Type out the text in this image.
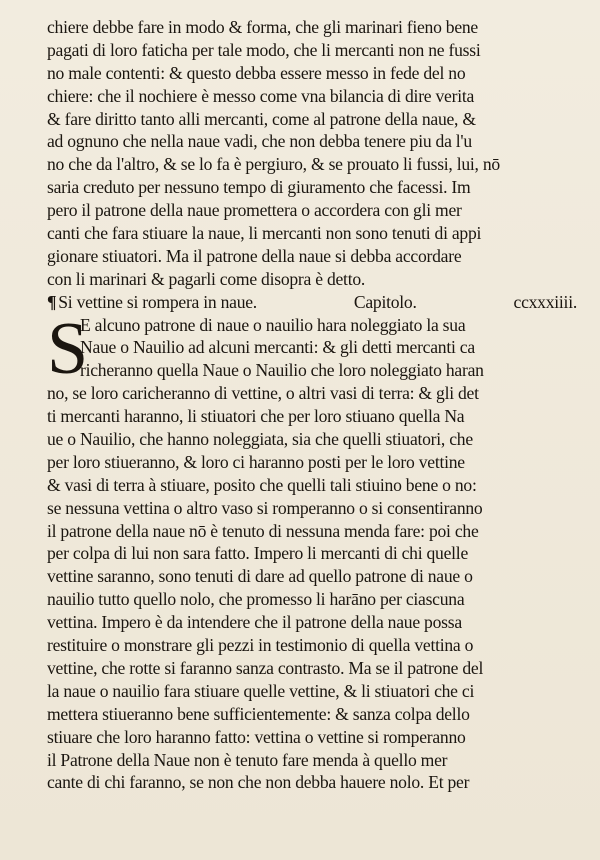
chiere debbe fare in modo & forma, che gli marinari fieno bene
pagati di loro faticha per tale modo, che li mercanti non ne fussi
no male contenti: & questo debba essere messo in fede del no
chiere: che il nochiere è messo come vna bilancia di dire verita
& fare diritto tanto alli mercanti, come al patrone della naue, &
ad ognuno che nella naue vadi, che non debba tenere piu da l'u
no che da l'altro, & se lo fa è pergiuro, & se prouato li fussi, lui, nō
saria creduto per nessuno tempo di giuramento che facessi. Im
pero il patrone della naue promettera o accordera con gli mer
canti che fara stiuare la naue, li mercanti non sono tenuti di appi
gionare stiuatori. Ma il patrone della naue si debba accordare
con li marinari & pagarli come disopra è detto.
¶ Si vettine si rompera in naue.	Capitolo.	ccxxxiiii.
S
E alcuno patrone di naue o nauilio hara noleggiato la sua
Naue o Nauilio ad alcuni mercanti: & gli detti mercanti ca
richeranno quella Naue o Nauilio che loro noleggiato haran
no, se loro caricheranno di vettine, o altri vasi di terra: & gli det
ti mercanti haranno, li stiuatori che per loro stiuano quella Na
ue o Nauilio, che hanno noleggiata, sia che quelli stiuatori, che
per loro stiueranno, & loro ci haranno posti per le loro vettine
& vasi di terra à stiuare, posito che quelli tali stiuino bene o no:
se nessuna vettina o altro vaso si romperanno o si consentiranno
il patrone della naue nō è tenuto di nessuna menda fare: poi che
per colpa di lui non sara fatto. Impero li mercanti di chi quelle
vettine saranno, sono tenuti di dare ad quello patrone di naue o
nauilio tutto quello nolo, che promesso li harāno per ciascuna
vettina. Impero è da intendere che il patrone della naue possa
restituire o monstrare gli pezzi in testimonio di quella vettina o
vettine, che rotte si faranno sanza contrasto. Ma se il patrone del
la naue o nauilio fara stiuare quelle vettine, & li stiuatori che ci
mettera stiueranno bene sufficientemente: & sanza colpa dello
stiuare che loro haranno fatto: vettina o vettine si romperanno
il Patrone della Naue non è tenuto fare menda à quello mer
cante di chi faranno, se non che non debba hauere nolo. Et per
